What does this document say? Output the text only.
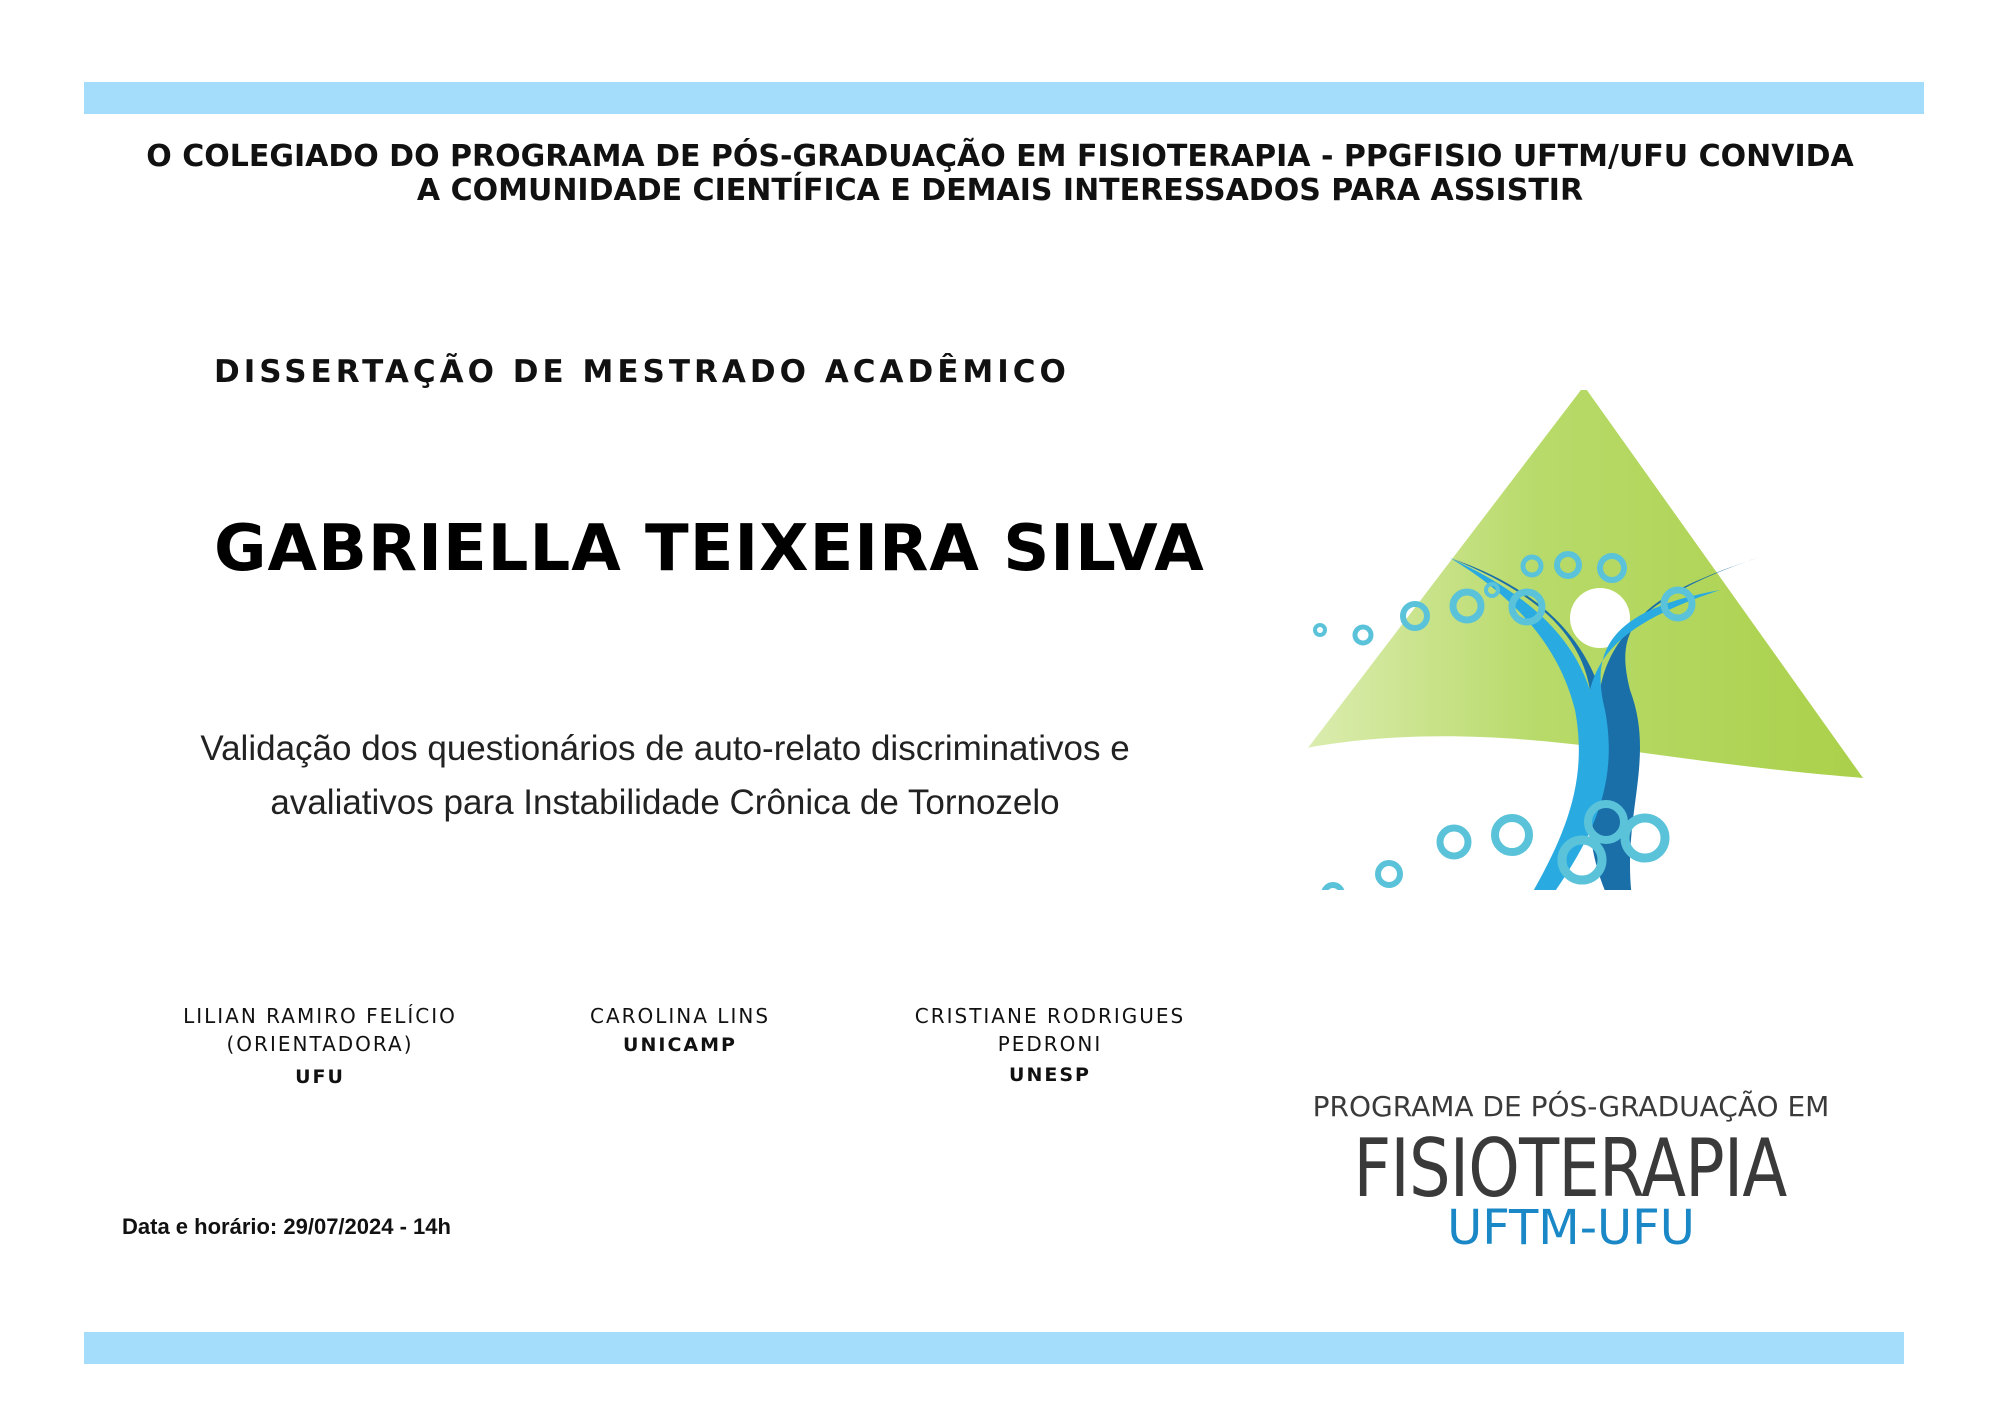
O COLEGIADO DO PROGRAMA DE PÓS-GRADUAÇÃO EM FISIOTERAPIA - PPGFISIO UFTM/UFU CONVIDA
A COMUNIDADE CIENTÍFICA E DEMAIS INTERESSADOS PARA ASSISTIR
DISSERTAÇÃO DE MESTRADO ACADÊMICO
GABRIELLA TEIXEIRA SILVA
Validação dos questionários de auto-relato discriminativos e
avaliativos para Instabilidade Crônica de Tornozelo
LILIAN RAMIRO FELÍCIO
(ORIENTADORA)
UFU
CAROLINA LINS
UNICAMP
CRISTIANE RODRIGUES
PEDRONI
UNESP
Data e horário: 29/07/2024 - 14h
PROGRAMA DE PÓS-GRADUAÇÃO EM
FISIOTERAPIA
UFTM-UFU
